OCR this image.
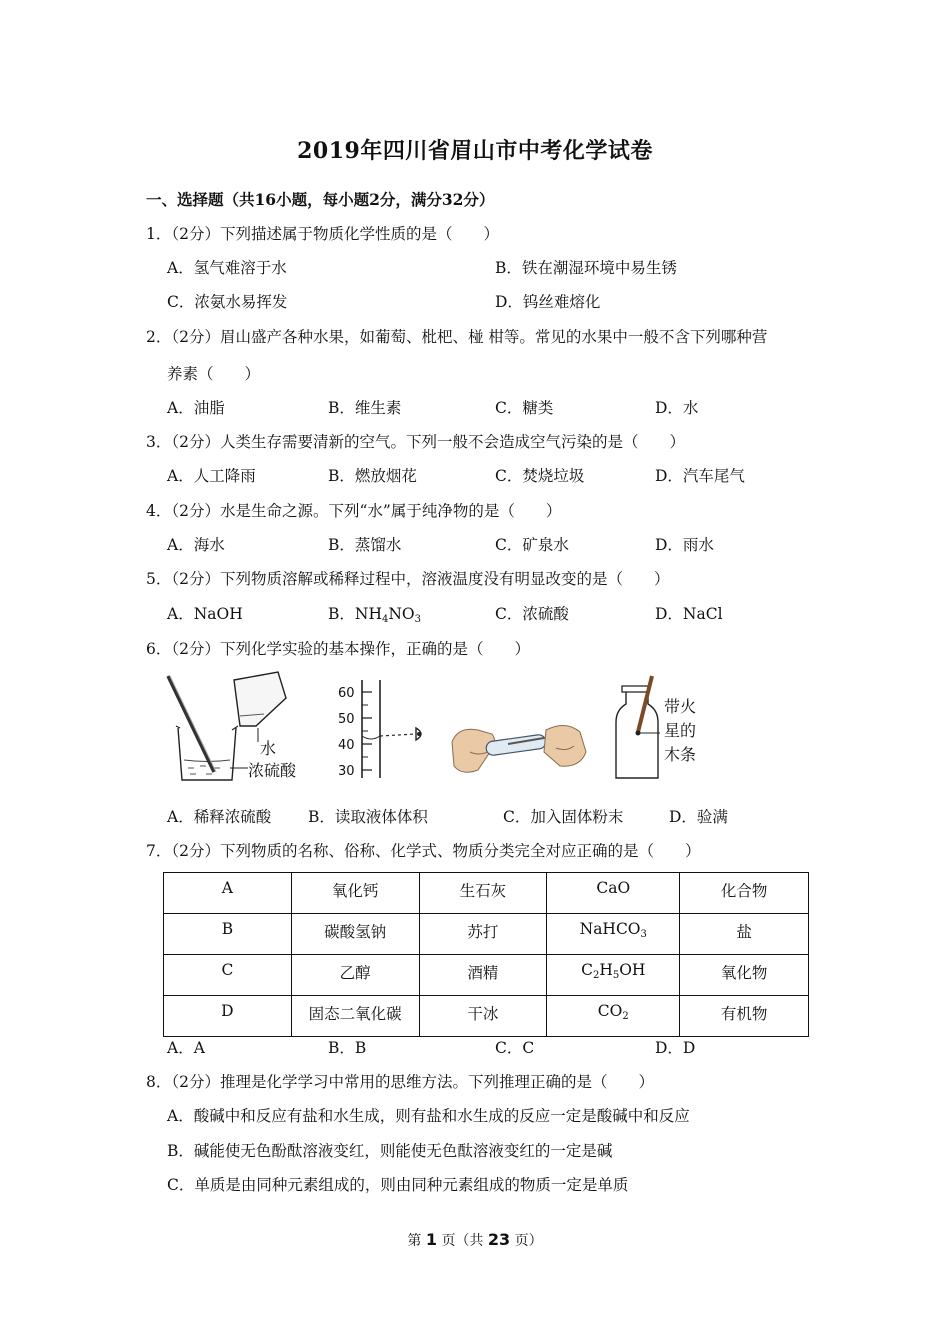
2019年四川省眉山市中考化学试卷
一、选择题（共16小题，每小题2分，满分32分）
1．（2分）下列描述属于物质化学性质的是（　　）
A．氢气难溶于水	B．铁在潮湿环境中易生锈
C．浓氨水易挥发	D．钨丝难熔化
2．（2分）眉山盛产各种水果，如葡萄、枇杷、椪 柑等。常见的水果中一般不含下列哪种营
养素（　　）
A．油脂	B．维生素	C．糖类	D．水
3．（2分）人类生存需要清新的空气。下列一般不会造成空气污染的是（　　）
A．人工降雨	B．燃放烟花	C．焚烧垃圾	D．汽车尾气
4．（2分）水是生命之源。下列“水”属于纯净物的是（　　）
A．海水	B．蒸馏水	C．矿泉水	D．雨水
5．（2分）下列物质溶解或稀释过程中，溶液温度没有明显改变的是（　　）
A．NaOH	B．$NH_4NO_3$	C．浓硫酸	D．NaCl
6．（2分）下列化学实验的基本操作，正确的是（　　）
水
浓硫酸
60
50
40
30
带火
星的
木条
A．稀释浓硫酸 B．读取液体体积	C．加入固体粉末	D．验满
7．（2分）下列物质的名称、俗称、化学式、物质分类完全对应正确的是（　　）
A	氧化钙	生石灰	CaO	化合物
B	碳酸氢钠	苏打	NaHCO$_3$	盐
C	乙醇	酒精	$C_2H_5OH$	氧化物
D	固态二氧化碳	干冰	$CO_2$	有机物
A．A	B．B	C．C	D．D
8．（2分）推理是化学学习中常用的思维方法。下列推理正确的是（　　）
A．酸碱中和反应有盐和水生成，则有盐和水生成的反应一定是酸碱中和反应
B．碱能使无色酚酞溶液变红，则能使无色酞溶液变红的一定是碱
C．单质是由同种元素组成的，则由同种元素组成的物质一定是单质
第 1 页（共 23 页）
